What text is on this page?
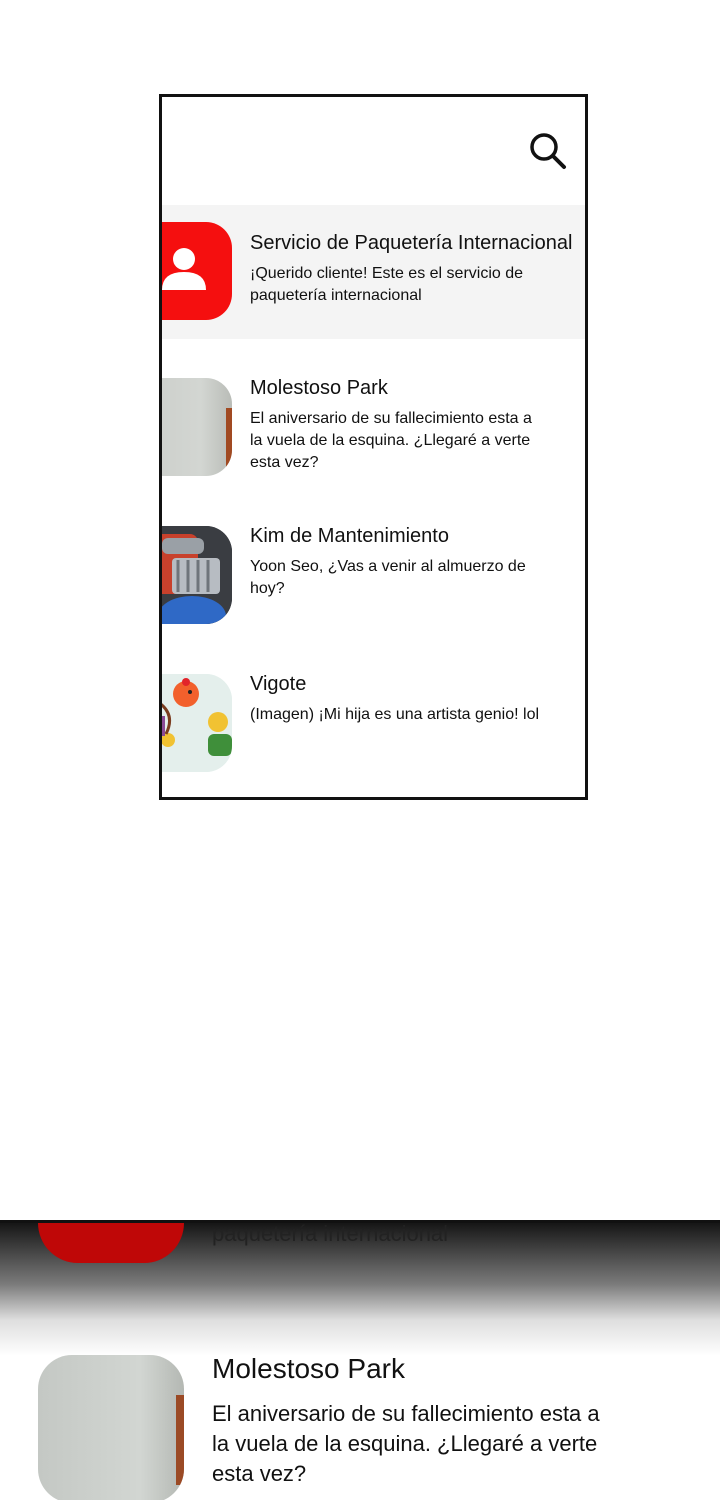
Servicio de Paquetería Internacional
¡Querido cliente! Este es el servicio de paquetería internacional
Molestoso Park
El aniversario de su fallecimiento esta a la vuela de la esquina. ¿Llegaré a verte esta vez?
Kim de Mantenimiento
Yoon Seo, ¿Vas a venir al almuerzo de hoy?
Vigote
(Imagen) ¡Mi hija es una artista genio! lol
paquetería internacional
Molestoso Park
El aniversario de su fallecimiento esta a la vuela de la esquina. ¿Llegaré a verte esta vez?
